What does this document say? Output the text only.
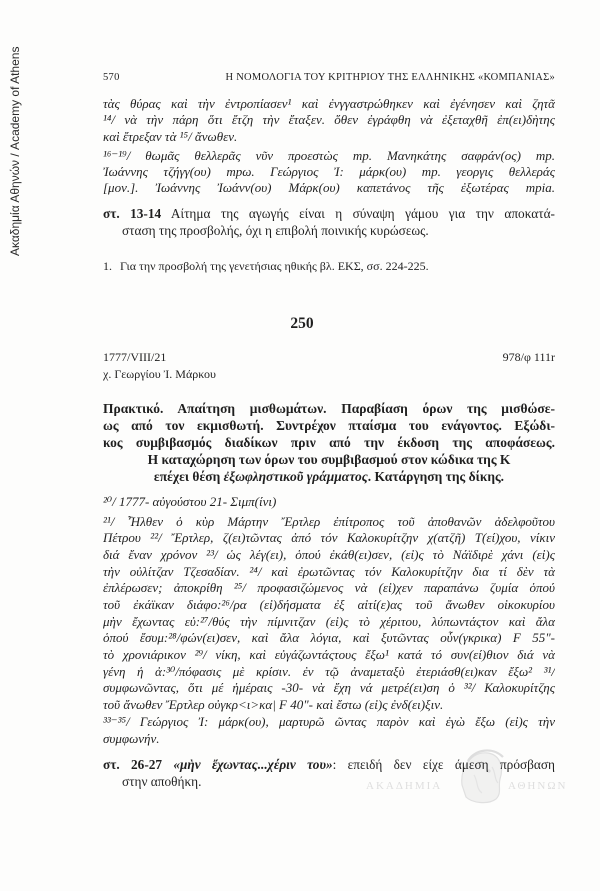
ΑΚΑΔΗΜΙΑ	ΑΘΗΝΩΝ
Ακαδημία Αθηνών / Academy of Athens	570	Η ΝΟΜΟΛΟΓΙΑ ΤΟΥ ΚΡΙΤΗΡΙΟΥ ΤΗΣ ΕΛΛΗΝΙΚΗΣ «ΚΟΜΠΑΝΙΑΣ»
τὰς θύρας καὶ τὴν ἐντροπίασεν¹ καὶ ἐνγγαστρώθηκεν καὶ ἐγένησεν καὶ ζητᾶ
¹⁴/ νὰ τὴν πάρη ὅτι ἔτζη τὴν ἔταξεν. ὅθεν ἐγράφθη νὰ ἐξεταχθῆ ἐπ(ει)δὴτης
καὶ ἔτρεξαν τὰ ¹⁵/ ἄνωθεν.
¹⁶⁻¹⁹/ θωμᾶς θελλερᾶς νῦν προεστὼς mp. Μανηκάτης σαφράν(ος) mp.
Ἰωάννης τζήγγ(ου) mpω. Γεώργιος Ἰ: μάρκ(ου) mp. γεοργις θελλεράς
[μον.]. Ἰωάννης Ἰωάνν(ου) Μάρκ(ου) καπετάνος τῆς ἐξωτέρας mpia.
στ. 13-14 Αίτημα της αγωγής είναι η σύναψη γάμου για την αποκατά-
σταση της προσβολής, όχι η επιβολή ποινικής κυρώσεως.
1. Για την προσβολή της γενετήσιας ηθικής βλ. ΕΚΣ, σσ. 224-225.
250
1777/VIII/21	978/φ 111r
χ. Γεωργίου Ἰ. Μάρκου
Πρακτικό. Απαίτηση μισθωμάτων. Παραβίαση όρων της μισθώσε-
ως από τον εκμισθωτή. Συντρέχον πταίσμα του ενάγοντος. Εξώδι-
κος συμβιβασμός διαδίκων πριν από την έκδοση της αποφάσεως.
Η καταχώρηση των όρων του συμβιβασμού στον κώδικα της Κ
επέχει θέση ἐξωφληστικοῦ γράμματος. Κατάργηση της δίκης.
²⁰/ 1777- αὐγούστου 21- Σιμπ(ίνι)
²¹/ Ἦλθεν ὁ κὺρ Μάρτην Ἔρτλερ ἐπίτροπος τοῦ ἀποθανῶν ἀδελφοῦτου
Πέτρου ²²/ Ἔρτλερ, ζ(ει)τῶντας ἀπό τόν Καλοκυρίτζην χ(ατζῆ) Τ(εί)χου, νίκιν
διά ἔναν χρόνον ²³/ ὡς λέγ(ει), ὁπού ἐκάθ(ει)σεν, (εἰ)ς τὸ Νάϊδιρὲ χάνι (εἰ)ς
τὴν οὐλίτζαν Τζεσαδίαν. ²⁴/ καὶ ἐρωτῶντας τόν Καλοκυρίτζην δια τί δὲν τὰ
ἐπλέρωσεν; ἀποκρίθη ²⁵/ προφασιζώμενος νὰ (εἰ)χεν παραπάνω ζυμία ὁπού
τοῦ ἐκάϊκαν διάφο:²⁶/ρα (εἰ)δήσματα ἐξ αἰτί(ε)ας τοῦ ἄνωθεν οἰκοκυρίου
μὴν ἔχωντας εὐ:²⁷/θύς τὴν πίμνιτζαν (εἰ)ς τὸ χέριτου, λύπωντάςτον καὶ ἄλα
ὁπού ἔσυμ:²⁸/φών(ει)σεν, καὶ ἄλα λόγια, καὶ ξυτῶντας οὗν(γκρικα) F 55"-
τὸ χρονιάρικον ²⁹/ νίκη, καὶ εὐγάζωντάςτους ἔξω¹ κατά τό συν(εί)θιον διά νὰ
γένη ἡ ἀ:³⁰/πόφασις μὲ κρίσιν. ἐν τῷ ἀναμεταξὺ ἐτεριάσθ(ει)καν ἔξω² ³¹/
συμφωνῶντας, ὅτι μέ ἡμέραις -30- νὰ ἔχη νά μετρέ(ει)ση ὁ ³²/ Καλοκυρίτζης
τοῦ ἄνωθεν Ἔρτλερ οὐγκρ<ι>κα| F 40"- καὶ ἔστω (εἰ)ς ἐνδ(ει)ξιν.
³³⁻³⁵/ Γεώργιος Ἰ: μάρκ(ου), μαρτυρῶ ῶντας παρὸν καὶ ἐγὼ ἔξω (εἰ)ς τὴν
συμφωνήν.
στ. 26-27 «μὴν ἔχωντας...χέριν του»: επειδή δεν είχε άμεση πρόσβαση
στην αποθήκη.
